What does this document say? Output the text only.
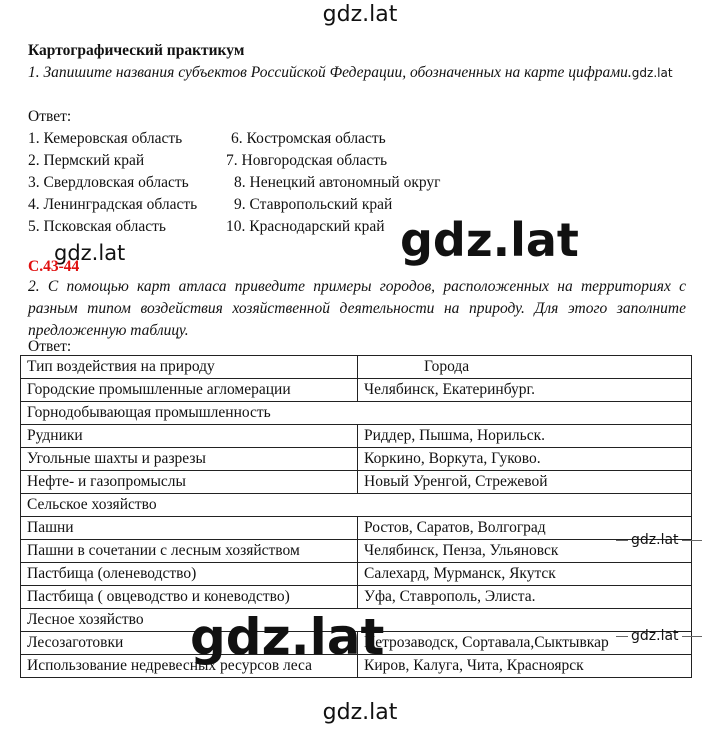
gdz.lat
Картографический практикум
1. Запишите названия субъектов Российской Федерации, обозначенных на карте цифрами.gdz.lat
Ответ:
1. Кемеровская область
2. Пермский край
3. Свердловская область
4. Ленинградская область
5. Псковская область
6. Костромская область
7. Новгородская область
8. Ненецкий автономный округ
9. Ставропольский край
10. Краснодарский край gdz.lat
gdz.lat
С.43-44
2. С помощью карт атласа приведите примеры городов, расположенных на территориях с разным типом воздействия хозяйственной деятельности на природу. Для этого заполните предложенную таблицу.
Ответ:
Тип воздействия на природу	Города
Городские промышленные агломерации	Челябинск, Екатеринбург.
Горнодобывающая промышленность	
Рудники	Риддер, Пышма, Норильск.
Угольные шахты и разрезы	Коркино, Воркута, Гуково.
Нефте- и газопромыслы	Новый Уренгой, Стрежевой
Сельское хозяйство	
Пашни	Ростов, Саратов, Волгоград
Пашни в сочетании с лесным хозяйством	Челябинск, Пенза, Ульяновск
Пастбища (оленеводство)	Салехард, Мурманск, Якутск
Пастбища ( овцеводство и коневодство)	Уфа, Ставрополь, Элиста.
Лесное хозяйство	
Лесозаготовки	Петрозаводск, Сортавала,Сыктывкар
Использование недревесных ресурсов леса	Киров, Калуга, Чита, Красноярск
gdz.lat
gdz.lat
gdz.lat
gdz.lat
